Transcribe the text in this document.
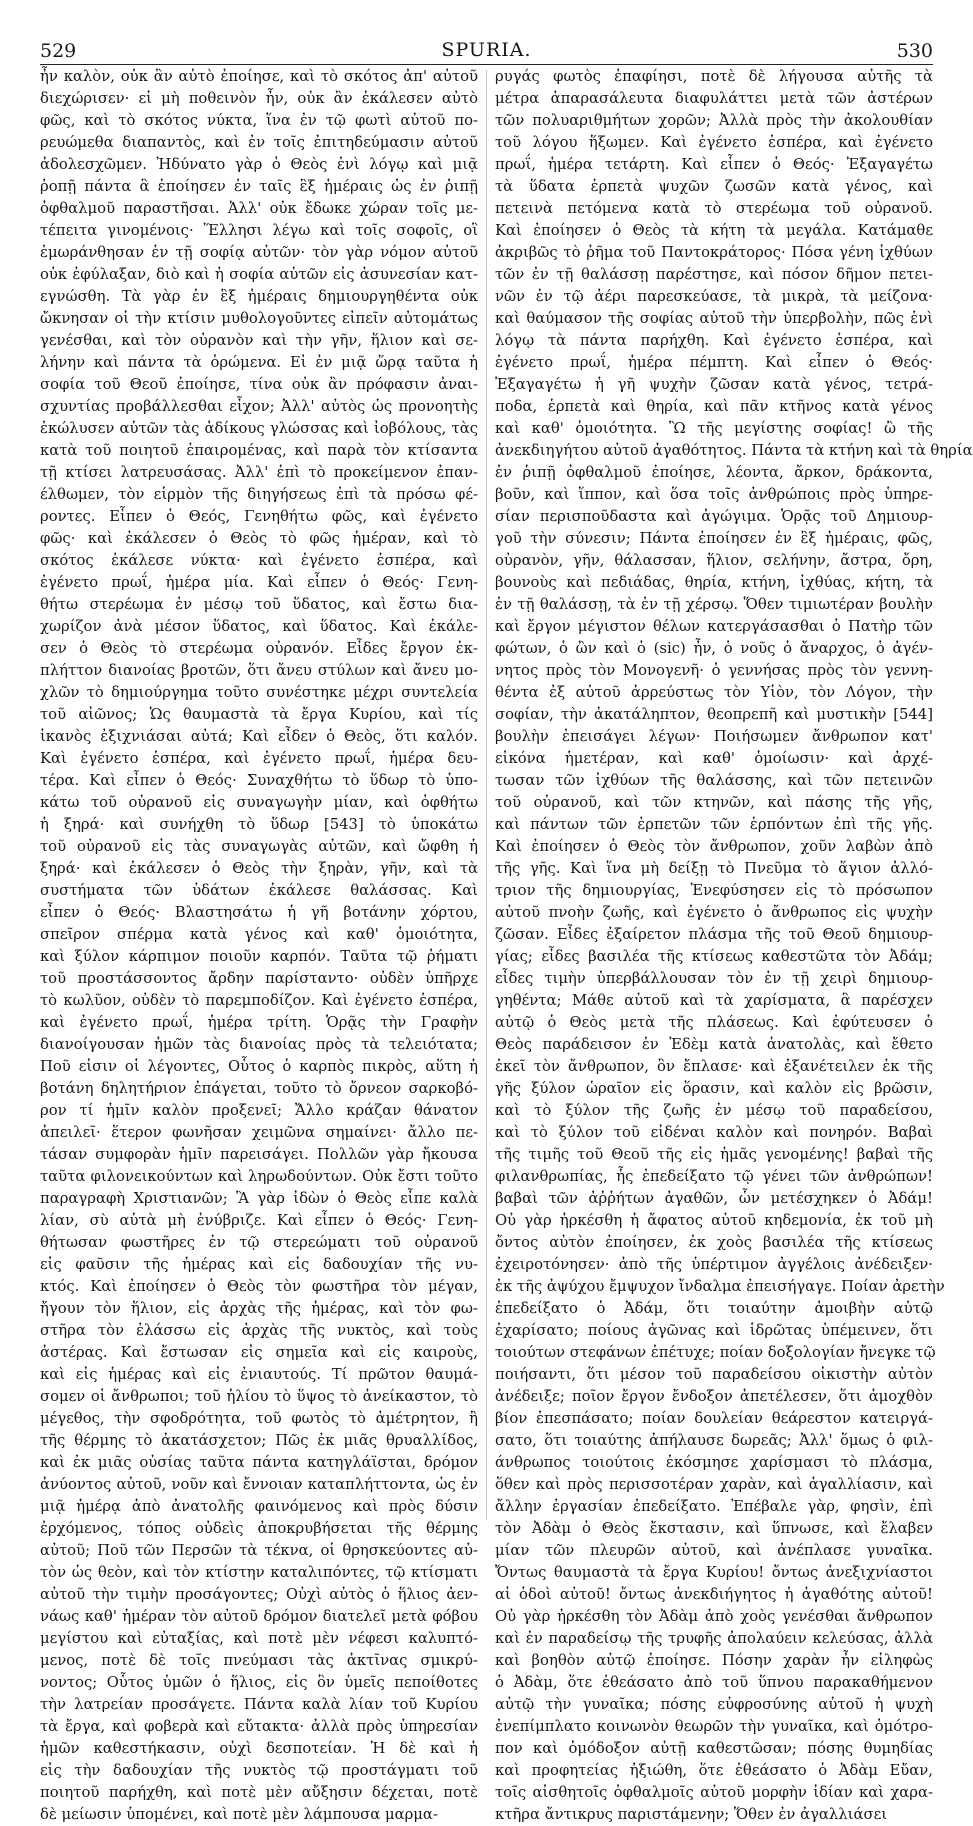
529	SPURIA.	530
ἦν καλὸν, οὐκ ἂν αὐτὸ ἐποίησε, καὶ τὸ σκότος ἀπ' αὐτοῦ
διεχώρισεν· εἰ μὴ ποθεινὸν ἦν, οὐκ ἂν ἐκάλεσεν αὐτὸ
φῶς, καὶ τὸ σκότος νύκτα, ἵνα ἐν τῷ φωτὶ αὐτοῦ πο-
ρευώμεθα διαπαντὸς, καὶ ἐν τοῖς ἐπιτηδεύμασιν αὐτοῦ
ἀδολεσχῶμεν. Ἠδύνατο γὰρ ὁ Θεὸς ἑνὶ λόγῳ καὶ μιᾷ
ῥοπῇ πάντα ἃ ἐποίησεν ἐν ταῖς ἓξ ἡμέραις ὡς ἐν ῥιπῇ
ὀφθαλμοῦ παραστῆσαι. Ἀλλ' οὐκ ἔδωκε χώραν τοῖς με-
τέπειτα γινομένοις· Ἕλλησι λέγω καὶ τοῖς σοφοῖς, οἳ
ἐμωράνθησαν ἐν τῇ σοφίᾳ αὐτῶν· τὸν γὰρ νόμον αὐτοῦ
οὐκ ἐφύλαξαν, διὸ καὶ ἡ σοφία αὐτῶν εἰς ἀσυνεσίαν κατ-
εγνώσθη. Τὰ γὰρ ἐν ἓξ ἡμέραις δημιουργηθέντα οὐκ
ὤκνησαν οἱ τὴν κτίσιν μυθολογοῦντες εἰπεῖν αὐτομάτως
γενέσθαι, καὶ τὸν οὐρανὸν καὶ τὴν γῆν, ἥλιον καὶ σε-
λήνην καὶ πάντα τὰ ὁρώμενα. Εἰ ἐν μιᾷ ὥρᾳ ταῦτα ἡ
σοφία τοῦ Θεοῦ ἐποίησε, τίνα οὐκ ἂν πρόφασιν ἀναι-
σχυντίας προβάλλεσθαι εἶχον; Ἀλλ' αὐτὸς ὡς προνοητὴς
ἐκώλυσεν αὐτῶν τὰς ἀδίκους γλώσσας καὶ ἰοβόλους, τὰς
κατὰ τοῦ ποιητοῦ ἐπαιρομένας, καὶ παρὰ τὸν κτίσαντα
τῇ κτίσει λατρευσάσας. Ἀλλ' ἐπὶ τὸ προκείμενον ἐπαν-
έλθωμεν, τὸν εἱρμὸν τῆς διηγήσεως ἐπὶ τὰ πρόσω φέ-
ροντες. Εἶπεν ὁ Θεός, Γενηθήτω φῶς, καὶ ἐγένετο
φῶς· καὶ ἐκάλεσεν ὁ Θεὸς τὸ φῶς ἡμέραν, καὶ τὸ
σκότος ἐκάλεσε νύκτα· καὶ ἐγένετο ἑσπέρα, καὶ
ἐγένετο πρωΐ, ἡμέρα μία. Καὶ εἶπεν ὁ Θεός· Γενη-
θήτω στερέωμα ἐν μέσῳ τοῦ ὕδατος, καὶ ἔστω δια-
χωρίζον ἀνὰ μέσον ὕδατος, καὶ ὕδατος. Καὶ ἐκάλε-
σεν ὁ Θεὸς τὸ στερέωμα οὐρανόν. Εἶδες ἔργον ἐκ-
πλήττον διανοίας βροτῶν, ὅτι ἄνευ στύλων καὶ ἄνευ μο-
χλῶν τὸ δημιούργημα τοῦτο συνέστηκε μέχρι συντελεία
τοῦ αἰῶνος; Ὡς θαυμαστὰ τὰ ἔργα Κυρίου, καὶ τίς
ἱκανὸς ἐξιχνιάσαι αὐτά; Καὶ εἶδεν ὁ Θεὸς, ὅτι καλόν.
Καὶ ἐγένετο ἑσπέρα, καὶ ἐγένετο πρωΐ, ἡμέρα δευ-
τέρα. Καὶ εἶπεν ὁ Θεός· Συναχθήτω τὸ ὕδωρ τὸ ὑπο-
κάτω τοῦ οὐρανοῦ εἰς συναγωγὴν μίαν, καὶ ὀφθήτω
ἡ ξηρά· καὶ συνήχθη τὸ ὕδωρ [543] τὸ ὑποκάτω
τοῦ οὐρανοῦ εἰς τὰς συναγωγὰς αὐτῶν, καὶ ὤφθη ἡ
ξηρά· καὶ ἐκάλεσεν ὁ Θεὸς τὴν ξηρὰν, γῆν, καὶ τὰ
συστήματα τῶν ὑδάτων ἐκάλεσε θαλάσσας. Καὶ
εἶπεν ὁ Θεός· Βλαστησάτω ἡ γῆ βοτάνην χόρτου,
σπεῖρον σπέρμα κατὰ γένος καὶ καθ' ὁμοιότητα,
καὶ ξύλον κάρπιμον ποιοῦν καρπόν. Ταῦτα τῷ ῥήματι
τοῦ προστάσσοντος ἄρδην παρίσταντο· οὐδὲν ὑπῆρχε
τὸ κωλῦον, οὐδὲν τὸ παρεμποδίζον. Καὶ ἐγένετο ἑσπέρα,
καὶ ἐγένετο πρωΐ, ἡμέρα τρίτη. Ὁρᾷς τὴν Γραφὴν
διανοίγουσαν ἡμῶν τὰς διανοίας πρὸς τὰ τελειότατα;
Ποῦ εἰσιν οἱ λέγοντες, Οὗτος ὁ καρπὸς πικρὸς, αὕτη ἡ
βοτάνη δηλητήριον ἐπάγεται, τοῦτο τὸ ὄρνεον σαρκοβό-
ρον τί ἡμῖν καλὸν προξενεῖ; Ἄλλο κράζαν θάνατον
ἀπειλεῖ· ἕτερον φωνῆσαν χειμῶνα σημαίνει· ἄλλο πε-
τάσαν συμφορὰν ἡμῖν παρεισάγει. Πολλῶν γὰρ ἤκουσα
ταῦτα φιλονεικούντων καὶ ληρωδούντων. Οὐκ ἔστι τοῦτο
παραγραφὴ Χριστιανῶν; Ἃ γὰρ ἰδὼν ὁ Θεὸς εἶπε καλὰ
λίαν, σὺ αὐτὰ μὴ ἐνύβριζε. Καὶ εἶπεν ὁ Θεός· Γενη-
θήτωσαν φωστῆρες ἐν τῷ στερεώματι τοῦ οὐρανοῦ
εἰς φαῦσιν τῆς ἡμέρας καὶ εἰς δαδουχίαν τῆς νυ-
κτός. Καὶ ἐποίησεν ὁ Θεὸς τὸν φωστῆρα τὸν μέγαν,
ἤγουν τὸν ἥλιον, εἰς ἀρχὰς τῆς ἡμέρας, καὶ τὸν φω-
στῆρα τὸν ἐλάσσω εἰς ἀρχὰς τῆς νυκτὸς, καὶ τοὺς
ἀστέρας. Καὶ ἔστωσαν εἰς σημεῖα καὶ εἰς καιροὺς,
καὶ εἰς ἡμέρας καὶ εἰς ἐνιαυτούς. Τί πρῶτον θαυμά-
σομεν οἱ ἄνθρωποι; τοῦ ἡλίου τὸ ὕψος τὸ ἀνείκαστον, τὸ
μέγεθος, τὴν σφοδρότητα, τοῦ φωτὸς τὸ ἀμέτρητον, ἢ
τῆς θέρμης τὸ ἀκατάσχετον; Πῶς ἐκ μιᾶς θρυαλλίδος,
καὶ ἐκ μιᾶς οὐσίας ταῦτα πάντα κατηγλάϊσται, δρόμον
ἀνύοντος αὐτοῦ, νοῦν καὶ ἔννοιαν καταπλήττοντα, ὡς ἐν
μιᾷ ἡμέρᾳ ἀπὸ ἀνατολῆς φαινόμενος καὶ πρὸς δύσιν
ἐρχόμενος, τόπος οὐδεὶς ἀποκρυβήσεται τῆς θέρμης
αὐτοῦ; Ποῦ τῶν Περσῶν τὰ τέκνα, οἱ θρησκεύοντες αὐ-
τὸν ὡς θεὸν, καὶ τὸν κτίστην καταλιπόντες, τῷ κτίσματι
αὐτοῦ τὴν τιμὴν προσάγοντες; Οὐχὶ αὐτὸς ὁ ἥλιος ἀεν-
νάως καθ' ἡμέραν τὸν αὐτοῦ δρόμον διατελεῖ μετὰ φόβου
μεγίστου καὶ εὐταξίας, καὶ ποτὲ μὲν νέφεσι καλυπτό-
μενος, ποτὲ δὲ τοῖς πνεύμασι τὰς ἀκτῖνας σμικρύ-
νοντος; Οὗτος ὑμῶν ὁ ἥλιος, εἰς ὃν ὑμεῖς πεποίθοτες
τὴν λατρείαν προσάγετε. Πάντα καλὰ λίαν τοῦ Κυρίου
τὰ ἔργα, καὶ φοβερὰ καὶ εὔτακτα· ἀλλὰ πρὸς ὑπηρεσίαν
ἡμῶν καθεστήκασιν, οὐχὶ δεσποτείαν. Ἡ δὲ καὶ ἡ
εἰς τὴν δαδουχίαν τῆς νυκτὸς τῷ προστάγματι τοῦ
ποιητοῦ παρήχθη, καὶ ποτὲ μὲν αὔξησιν δέχεται, ποτὲ
δὲ μείωσιν ὑπομένει, καὶ ποτὲ μὲν λάμπουσα μαρμα-
ρυγάς φωτὸς ἐπαφίησι, ποτὲ δὲ λήγουσα αὐτῆς τὰ
μέτρα ἀπαρασάλευτα διαφυλάττει μετὰ τῶν ἀστέρων
τῶν πολυαριθμήτων χορῶν; Ἀλλὰ πρὸς τὴν ἀκολουθίαν
τοῦ λόγου ἥξωμεν. Καὶ ἐγένετο ἑσπέρα, καὶ ἐγένετο
πρωΐ, ἡμέρα τετάρτη. Καὶ εἶπεν ὁ Θεός· Ἐξαγαγέτω
τὰ ὕδατα ἑρπετὰ ψυχῶν ζωσῶν κατὰ γένος, καὶ
πετεινὰ πετόμενα κατὰ τὸ στερέωμα τοῦ οὐρανοῦ.
Καὶ ἐποίησεν ὁ Θεὸς τὰ κήτη τὰ μεγάλα. Κατάμαθε
ἀκριβῶς τὸ ῥῆμα τοῦ Παντοκράτορος· Πόσα γένη ἰχθύων
τῶν ἐν τῇ θαλάσσῃ παρέστησε, καὶ πόσον δῆμον πετει-
νῶν ἐν τῷ ἀέρι παρεσκεύασε, τὰ μικρὰ, τὰ μείζονα·
καὶ θαύμασον τῆς σοφίας αὐτοῦ τὴν ὑπερβολὴν, πῶς ἑνὶ
λόγῳ τὰ πάντα παρήχθη. Καὶ ἐγένετο ἑσπέρα, καὶ
ἐγένετο πρωΐ, ἡμέρα πέμπτη. Καὶ εἶπεν ὁ Θεός·
Ἐξαγαγέτω ἡ γῆ ψυχὴν ζῶσαν κατὰ γένος, τετρά-
ποδα, ἑρπετὰ καὶ θηρία, καὶ πᾶν κτῆνος κατὰ γένος
καὶ καθ' ὁμοιότητα. Ὢ τῆς μεγίστης σοφίας! ὢ τῆς
ἀνεκδιηγήτου αὐτοῦ ἀγαθότητος. Πάντα τὰ κτήνη καὶ τὰ θηρία
ἐν ῥιπῇ ὀφθαλμοῦ ἐποίησε, λέοντα, ἄρκον, δράκοντα,
βοῦν, καὶ ἵππον, καὶ ὅσα τοῖς ἀνθρώποις πρὸς ὑπηρε-
σίαν περισποῦδαστα καὶ ἀγώγιμα. Ὁρᾷς τοῦ Δημιουρ-
γοῦ τὴν σύνεσιν; Πάντα ἐποίησεν ἐν ἓξ ἡμέραις, φῶς,
οὐρανὸν, γῆν, θάλασσαν, ἥλιον, σελήνην, ἄστρα, ὄρη,
βουνοὺς καὶ πεδιάδας, θηρία, κτήνη, ἰχθύας, κήτη, τὰ
ἐν τῇ θαλάσσῃ, τὰ ἐν τῇ χέρσῳ. Ὅθεν τιμιωτέραν βουλὴν
καὶ ἔργον μέγιστον θέλων κατεργάσασθαι ὁ Πατὴρ τῶν
φώτων, ὁ ὢν καὶ ὁ (sic) ἦν, ὁ νοῦς ὁ ἄναρχος, ὁ ἀγέν-
νητος πρὸς τὸν Μονογενῆ· ὁ γεννήσας πρὸς τὸν γεννη-
θέντα ἐξ αὐτοῦ ἀρρεύστως τὸν Υἱὸν, τὸν Λόγον, τὴν
σοφίαν, τὴν ἀκατάληπτον, θεοπρεπῆ καὶ μυστικὴν [544]
βουλὴν ἐπεισάγει λέγων· Ποιήσωμεν ἄνθρωπον κατ'
εἰκόνα ἡμετέραν, καὶ καθ' ὁμοίωσιν· καὶ ἀρχέ-
τωσαν τῶν ἰχθύων τῆς θαλάσσης, καὶ τῶν πετεινῶν
τοῦ οὐρανοῦ, καὶ τῶν κτηνῶν, καὶ πάσης τῆς γῆς,
καὶ πάντων τῶν ἑρπετῶν τῶν ἑρπόντων ἐπὶ τῆς γῆς.
Καὶ ἐποίησεν ὁ Θεὸς τὸν ἄνθρωπον, χοῦν λαβὼν ἀπὸ
τῆς γῆς. Καὶ ἵνα μὴ δείξῃ τὸ Πνεῦμα τὸ ἅγιον ἀλλό-
τριον τῆς δημιουργίας, Ἐνεφύσησεν εἰς τὸ πρόσωπον
αὐτοῦ πνοὴν ζωῆς, καὶ ἐγένετο ὁ ἄνθρωπος εἰς ψυχὴν
ζῶσαν. Εἶδες ἐξαίρετον πλάσμα τῆς τοῦ Θεοῦ δημιουρ-
γίας; εἶδες βασιλέα τῆς κτίσεως καθεστῶτα τὸν Ἀδάμ;
εἶδες τιμὴν ὑπερβάλλουσαν τὸν ἐν τῇ χειρὶ δημιουρ-
γηθέντα; Μάθε αὐτοῦ καὶ τὰ χαρίσματα, ἃ παρέσχεν
αὐτῷ ὁ Θεὸς μετὰ τῆς πλάσεως. Καὶ ἐφύτευσεν ὁ
Θεὸς παράδεισον ἐν Ἐδὲμ κατὰ ἀνατολὰς, καὶ ἔθετο
ἐκεῖ τὸν ἄνθρωπον, ὃν ἔπλασε· καὶ ἐξανέτειλεν ἐκ τῆς
γῆς ξύλον ὡραῖον εἰς ὅρασιν, καὶ καλὸν εἰς βρῶσιν,
καὶ τὸ ξύλον τῆς ζωῆς ἐν μέσῳ τοῦ παραδείσου,
καὶ τὸ ξύλον τοῦ εἰδέναι καλὸν καὶ πονηρόν. Βαβαὶ
τῆς τιμῆς τοῦ Θεοῦ τῆς εἰς ἡμᾶς γενομένης! βαβαὶ τῆς
φιλανθρωπίας, ἧς ἐπεδείξατο τῷ γένει τῶν ἀνθρώπων!
βαβαὶ τῶν ἀῤῥήτων ἀγαθῶν, ὧν μετέσχηκεν ὁ Ἀδάμ!
Οὐ γὰρ ἠρκέσθη ἡ ἄφατος αὐτοῦ κηδεμονία, ἐκ τοῦ μὴ
ὄντος αὐτὸν ἐποίησεν, ἐκ χοὸς βασιλέα τῆς κτίσεως
ἐχειροτόνησεν· ἀπὸ τῆς ὑπέρτιμον ἀγγέλοις ἀνέδειξεν·
ἐκ τῆς ἀψύχου ἔμψυχον ἴνδαλμα ἐπεισήγαγε. Ποίαν ἀρετὴν
ἐπεδείξατο ὁ Ἀδάμ, ὅτι τοιαύτην ἀμοιβὴν αὐτῷ
ἐχαρίσατο; ποίους ἀγῶνας καὶ ἱδρῶτας ὑπέμεινεν, ὅτι
τοιούτων στεφάνων ἐπέτυχε; ποίαν δοξολογίαν ἤνεγκε τῷ
ποιήσαντι, ὅτι μέσον τοῦ παραδείσου οἰκιστὴν αὐτὸν
ἀνέδειξε; ποῖον ἔργον ἔνδοξον ἀπετέλεσεν, ὅτι ἀμοχθὸν
βίον ἐπεσπάσατο; ποίαν δουλείαν θεάρεστον κατειργά-
σατο, ὅτι τοιαύτης ἀπήλαυσε δωρεᾶς; Ἀλλ' ὅμως ὁ φιλ-
άνθρωπος τοιούτοις ἐκόσμησε χαρίσμασι τὸ πλάσμα,
ὅθεν καὶ πρὸς περισσοτέραν χαρὰν, καὶ ἀγαλλίασιν, καὶ
ἄλλην ἐργασίαν ἐπεδείξατο. Ἐπέβαλε γὰρ, φησὶν, ἐπὶ
τὸν Ἀδὰμ ὁ Θεὸς ἔκστασιν, καὶ ὕπνωσε, καὶ ἔλαβεν
μίαν τῶν πλευρῶν αὐτοῦ, καὶ ἀνέπλασε γυναῖκα.
Ὄντως θαυμαστὰ τὰ ἔργα Κυρίου! ὄντως ἀνεξιχνίαστοι
αἱ ὁδοὶ αὐτοῦ! ὄντως ἀνεκδιήγητος ἡ ἀγαθότης αὐτοῦ!
Οὐ γὰρ ἠρκέσθη τὸν Ἀδὰμ ἀπὸ χοὸς γενέσθαι ἄνθρωπον
καὶ ἐν παραδείσῳ τῆς τρυφῆς ἀπολαύειν κελεύσας, ἀλλὰ
καὶ βοηθὸν αὐτῷ ἐποίησε. Πόσην χαρὰν ἦν εἰληφὼς
ὁ Ἀδὰμ, ὅτε ἐθεάσατο ἀπὸ τοῦ ὕπνου παρακαθήμενον
αὐτῷ τὴν γυναῖκα; πόσης εὐφροσύνης αὐτοῦ ἡ ψυχὴ
ἐνεπίμπλατο κοινωνὸν θεωρῶν τὴν γυναῖκα, καὶ ὁμότρο-
πον καὶ ὁμόδοξον αὐτῇ καθεστῶσαν; πόσης θυμηδίας
καὶ προφητείας ἠξιώθη, ὅτε ἐθεάσατο ὁ Ἀδὰμ Εὔαν,
τοῖς αἰσθητοῖς ὀφθαλμοῖς αὐτοῦ μορφὴν ἰδίαν καὶ χαρα-
κτῆρα ἄντικρυς παριστάμενην; Ὅθεν ἐν ἀγαλλιάσει
